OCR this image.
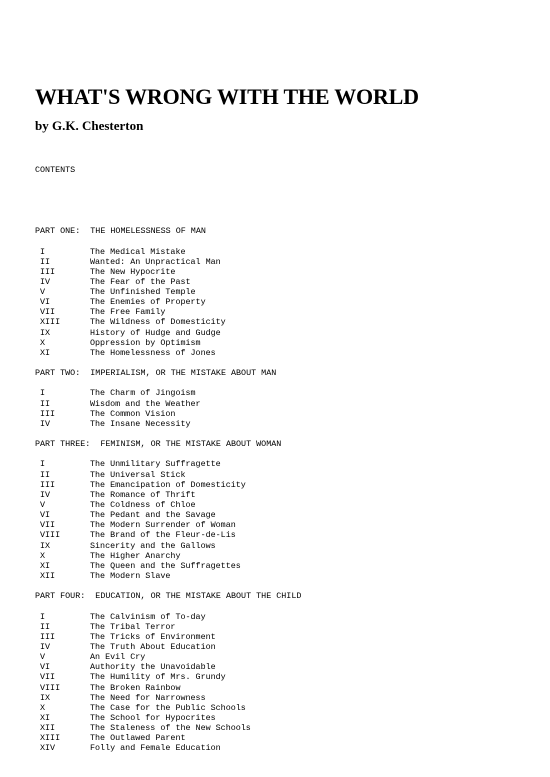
WHAT'S WRONG WITH THE WORLD
by G.K. Chesterton

CONTENTS

PART ONE:  THE HOMELESSNESS OF MAN
I	The Medical Mistake
II	Wanted: An Unpractical Man
III	The New Hypocrite
IV	The Fear of the Past
V	The Unfinished Temple
VI	The Enemies of Property
VII	The Free Family
XIII	The Wildness of Domesticity
IX	History of Hudge and Gudge
X	Oppression by Optimism
XI	The Homelessness of Jones
PART TWO:  IMPERIALISM, OR THE MISTAKE ABOUT MAN
I	The Charm of Jingoism
II	Wisdom and the Weather
III	The Common Vision
IV	The Insane Necessity
PART THREE:  FEMINISM, OR THE MISTAKE ABOUT WOMAN
I	The Unmilitary Suffragette
II	The Universal Stick
III	The Emancipation of Domesticity
IV	The Romance of Thrift
V	The Coldness of Chloe
VI	The Pedant and the Savage
VII	The Modern Surrender of Woman
VIII	The Brand of the Fleur-de-Lis
IX	Sincerity and the Gallows
X	The Higher Anarchy
XI	The Queen and the Suffragettes
XII	The Modern Slave
PART FOUR:  EDUCATION, OR THE MISTAKE ABOUT THE CHILD
I	The Calvinism of To-day
II	The Tribal Terror
III	The Tricks of Environment
IV	The Truth About Education
V	An Evil Cry
VI	Authority the Unavoidable
VII	The Humility of Mrs. Grundy
VIII	The Broken Rainbow
IX	The Need for Narrowness
X	The Case for the Public Schools
XI	The School for Hypocrites
XII	The Staleness of the New Schools
XIII	The Outlawed Parent
XIV	Folly and Female Education
